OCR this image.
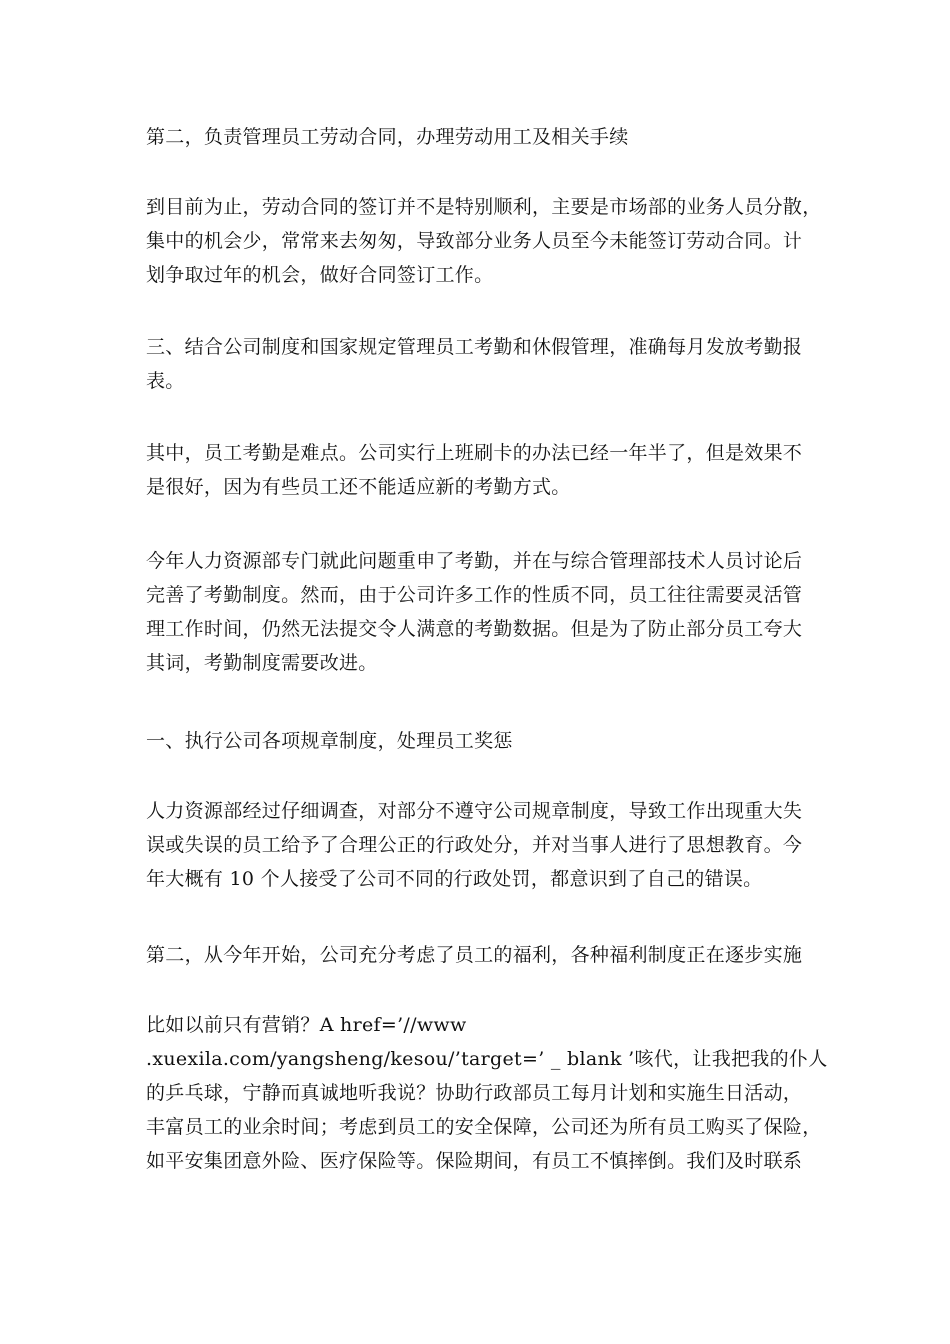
第二，负责管理员工劳动合同，办理劳动用工及相关手续

到目前为止，劳动合同的签订并不是特别顺利，主要是市场部的业务人员分散，
集中的机会少，常常来去匆匆，导致部分业务人员至今未能签订劳动合同。计
划争取过年的机会，做好合同签订工作。

三、结合公司制度和国家规定管理员工考勤和休假管理，准确每月发放考勤报
表。

其中，员工考勤是难点。公司实行上班刷卡的办法已经一年半了，但是效果不
是很好，因为有些员工还不能适应新的考勤方式。

今年人力资源部专门就此问题重申了考勤，并在与综合管理部技术人员讨论后
完善了考勤制度。然而，由于公司许多工作的性质不同，员工往往需要灵活管
理工作时间，仍然无法提交令人满意的考勤数据。但是为了防止部分员工夸大
其词，考勤制度需要改进。

一、执行公司各项规章制度，处理员工奖惩

人力资源部经过仔细调查，对部分不遵守公司规章制度，导致工作出现重大失
误或失误的员工给予了合理公正的行政处分，并对当事人进行了思想教育。今
年大概有 10 个人接受了公司不同的行政处罚，都意识到了自己的错误。

第二，从今年开始，公司充分考虑了员工的福利，各种福利制度正在逐步实施

比如以前只有营销？A href=’//www
.xuexila.com/yangsheng/kesou/’target=’ _ blank ’咳代，让我把我的仆人
的乒乓球，宁静而真诚地听我说？协助行政部员工每月计划和实施生日活动，
丰富员工的业余时间；考虑到员工的安全保障，公司还为所有员工购买了保险，
如平安集团意外险、医疗保险等。保险期间，有员工不慎摔倒。我们及时联系
